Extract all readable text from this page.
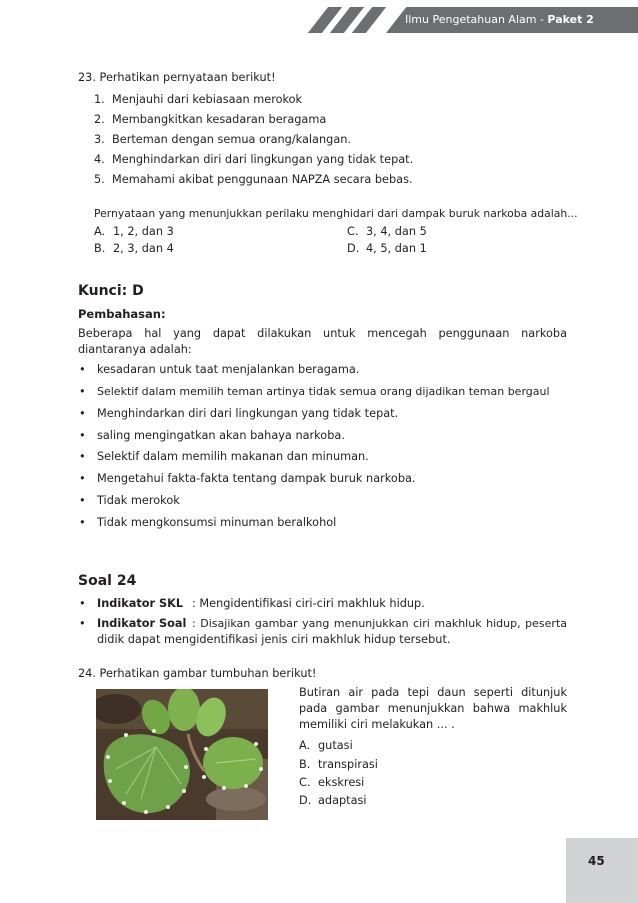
Ilmu Pengetahuan Alam - Paket 2
23. Perhatikan pernyataan berikut!
1. Menjauhi dari kebiasaan merokok
2. Membangkitkan kesadaran beragama
3. Berteman dengan semua orang/kalangan.
4. Menghindarkan diri dari lingkungan yang tidak tepat.
5. Memahami akibat penggunaan NAPZA secara bebas.
Pernyataan yang menunjukkan perilaku menghidari dari dampak buruk narkoba adalah...
A. 1, 2, dan 3
B. 2, 3, dan 4
C. 3, 4, dan 5
D. 4, 5, dan 1
Kunci: D
Pembahasan:
Beberapa hal yang dapat dilakukan untuk mencegah penggunaan narkoba diantaranya adalah:
• kesadaran untuk taat menjalankan beragama.
• Selektif dalam memilih teman artinya tidak semua orang dijadikan teman bergaul
• Menghindarkan diri dari lingkungan yang tidak tepat.
• saling mengingatkan akan bahaya narkoba.
• Selektif dalam memilih makanan dan minuman.
• Mengetahui fakta-fakta tentang dampak buruk narkoba.
• Tidak merokok
• Tidak mengkonsumsi minuman beralkohol
Soal 24
• Indikator SKL : Mengidentifikasi ciri-ciri makhluk hidup.
• Indikator Soal : Disajikan gambar yang menunjukkan ciri makhluk hidup, peserta
didik dapat mengidentifikasi jenis ciri makhluk hidup tersebut.
24. Perhatikan gambar tumbuhan berikut!
Butiran air pada tepi daun seperti ditunjuk pada gambar menunjukkan bahwa makhluk memiliki ciri melakukan ... .
A. gutasi
B. transpirasi
C. ekskresi
D. adaptasi
45
